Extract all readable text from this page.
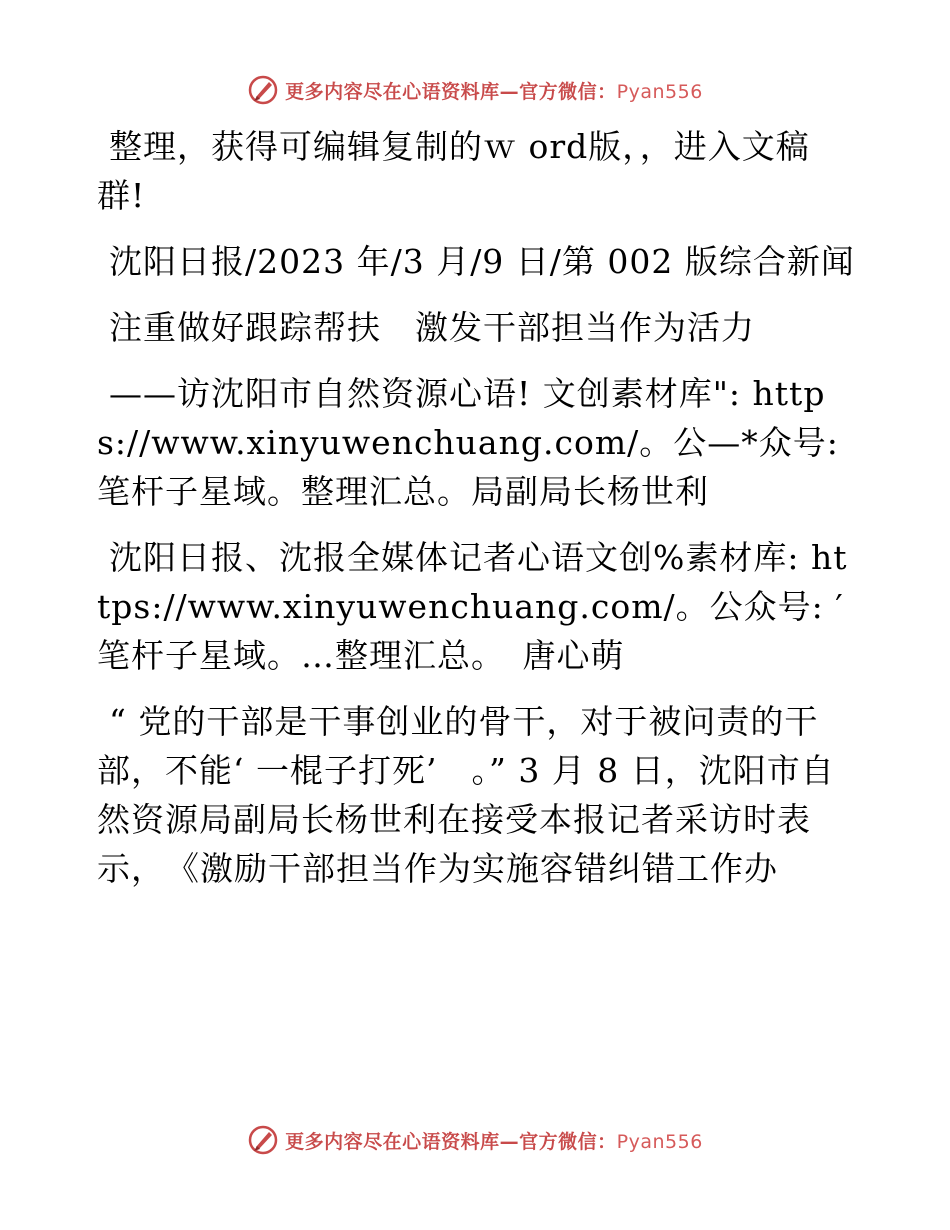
更多内容尽在心语资料库—官方微信：Pyan556

整理，获得可编辑复制的ｗ ord版，，进入文稿群!

沈阳日报/2023 年/3 月/9 日/第 002 版综合新闻

注重做好跟踪帮扶　激发干部担当作为活力

——访沈阳市自然资源心语! 文创素材库": https://www.xinyuwenchuang.com/。公—*众号: 笔杆子星域。整理汇总。局副局长杨世利

沈阳日报、沈报全媒体记者心语文创%素材库: https://www.xinyuwenchuang.com/。公众号: ′笔杆子星域。…整理汇总。　唐心萌

“ 党的干部是干事创业的骨干，对于被问责的干部，不能‘ 一棍子打死’　。” 3 月 8 日，沈阳市自然资源局副局长杨世利在接受本报记者采访时表示，　《激励干部担当作为实施容错纠错工作办

更多内容尽在心语资料库—官方微信：Pyan556
